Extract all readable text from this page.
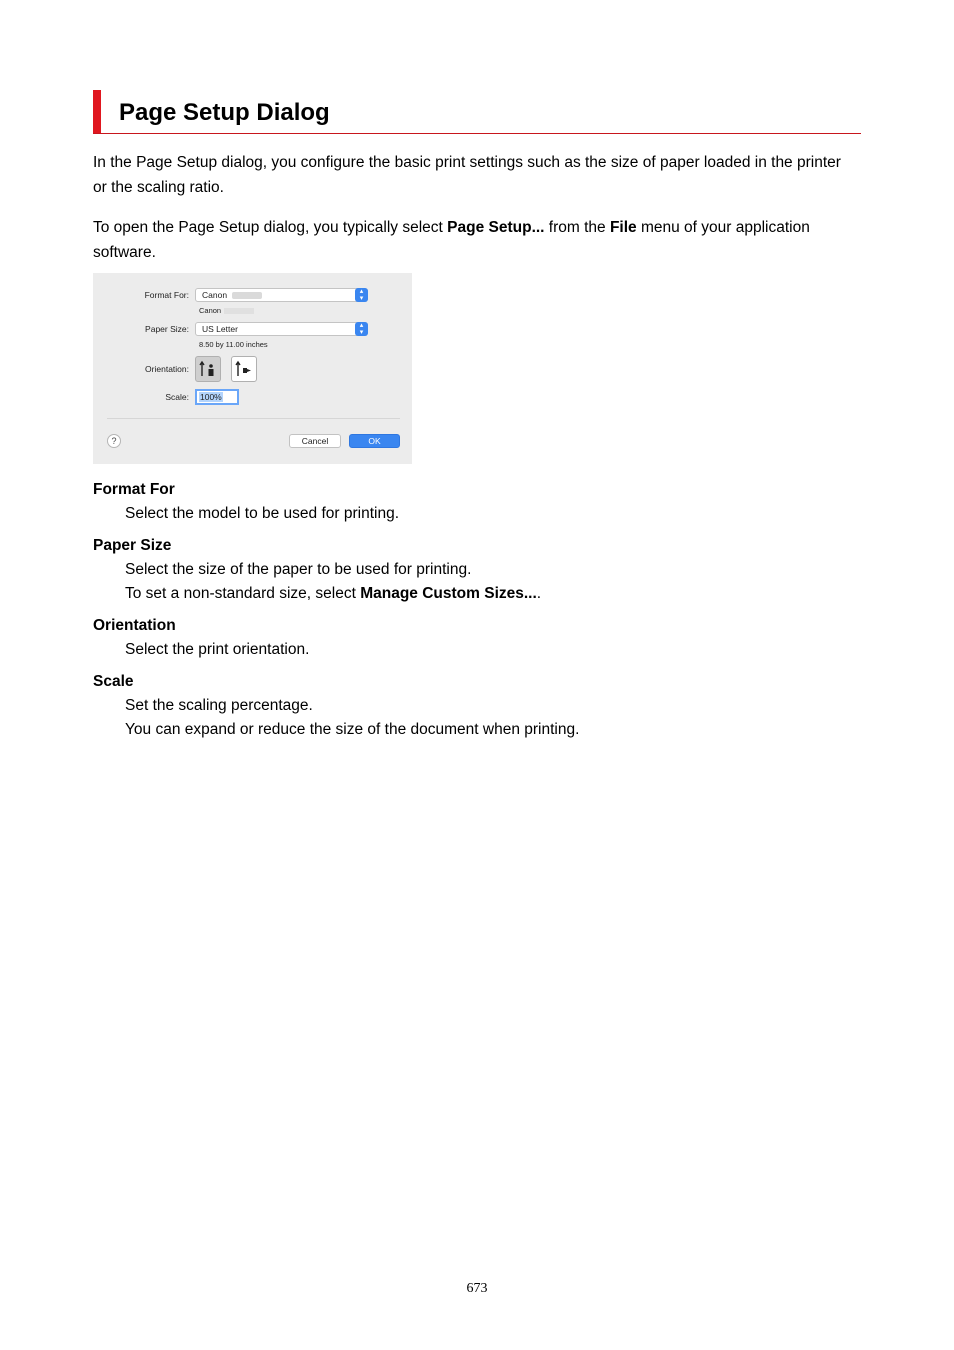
Page Setup Dialog

In the Page Setup dialog, you configure the basic print settings such as the size of paper loaded in the printer or the scaling ratio.

To open the Page Setup dialog, you typically select Page Setup... from the File menu of your application software.

Format For: Canon	▴
▾
Canon
Paper Size: US Letter	▴
▾
8.50 by 11.00 inches
Orientation:
Scale: 100%
?	Cancel	OK
Format For
Select the model to be used for printing.
Paper Size
Select the size of the paper to be used for printing.
To set a non-standard size, select Manage Custom Sizes....
Orientation
Select the print orientation.
Scale
Set the scaling percentage.
You can expand or reduce the size of the document when printing.
673
